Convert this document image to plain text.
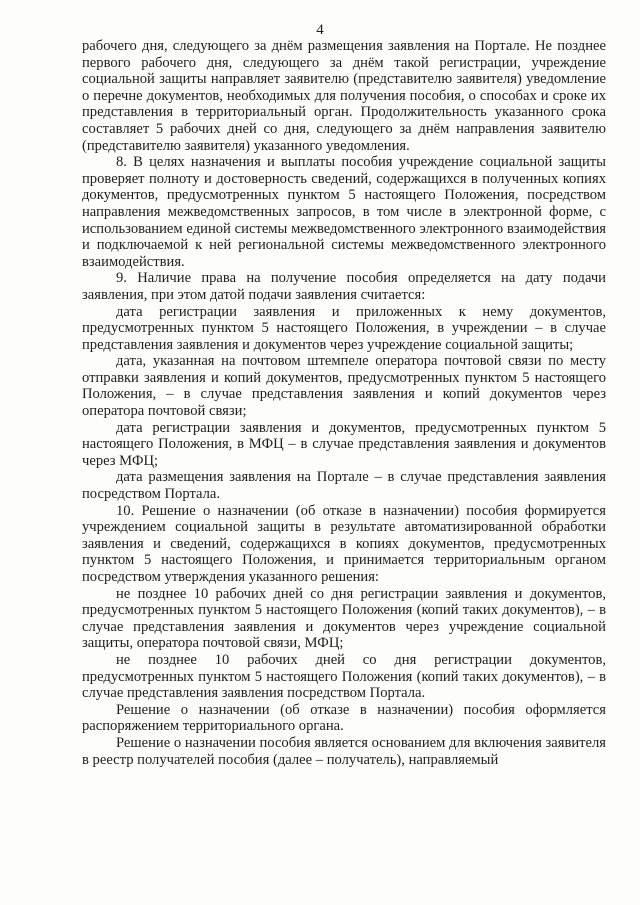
4

рабочего дня, следующего за днём размещения заявления на Портале. Не позднее первого рабочего дня, следующего за днём такой регистрации, учреждение социальной защиты направляет заявителю (представителю заявителя) уведомление о перечне документов, необходимых для получения пособия, о способах и сроке их представления в территориальный орган. Продолжительность указанного срока составляет 5 рабочих дней со дня, следующего за днём направления заявителю (представителю заявителя) указанного уведомления.

8. В целях назначения и выплаты пособия учреждение социальной защиты проверяет полноту и достоверность сведений, содержащихся в полученных копиях документов, предусмотренных пунктом 5 настоящего Положения, посредством направления межведомственных запросов, в том числе в электронной форме, с использованием единой системы межведомственного электронного взаимодействия и подключаемой к ней региональной системы межведомственного электронного взаимодействия.

9. Наличие права на получение пособия определяется на дату подачи заявления, при этом датой подачи заявления считается:

дата регистрации заявления и приложенных к нему документов, предусмотренных пунктом 5 настоящего Положения, в учреждении – в случае представления заявления и документов через учреждение социальной защиты;

дата, указанная на почтовом штемпеле оператора почтовой связи по месту отправки заявления и копий документов, предусмотренных пунктом 5 настоящего Положения, – в случае представления заявления и копий документов через оператора почтовой связи;

дата регистрации заявления и документов, предусмотренных пунктом 5 настоящего Положения, в МФЦ – в случае представления заявления и документов через МФЦ;

дата размещения заявления на Портале – в случае представления заявления посредством Портала.

10. Решение о назначении (об отказе в назначении) пособия формируется учреждением социальной защиты в результате автоматизированной обработки заявления и сведений, содержащихся в копиях документов, предусмотренных пунктом 5 настоящего Положения, и принимается территориальным органом посредством утверждения указанного решения:

не позднее 10 рабочих дней со дня регистрации заявления и документов, предусмотренных пунктом 5 настоящего Положения (копий таких документов), – в случае представления заявления и документов через учреждение социальной защиты, оператора почтовой связи, МФЦ;

не позднее 10 рабочих дней со дня регистрации документов, предусмотренных пунктом 5 настоящего Положения (копий таких документов), – в случае представления заявления посредством Портала.

Решение о назначении (об отказе в назначении) пособия оформляется распоряжением территориального органа.

Решение о назначении пособия является основанием для включения заявителя в реестр получателей пособия (далее – получатель), направляемый
